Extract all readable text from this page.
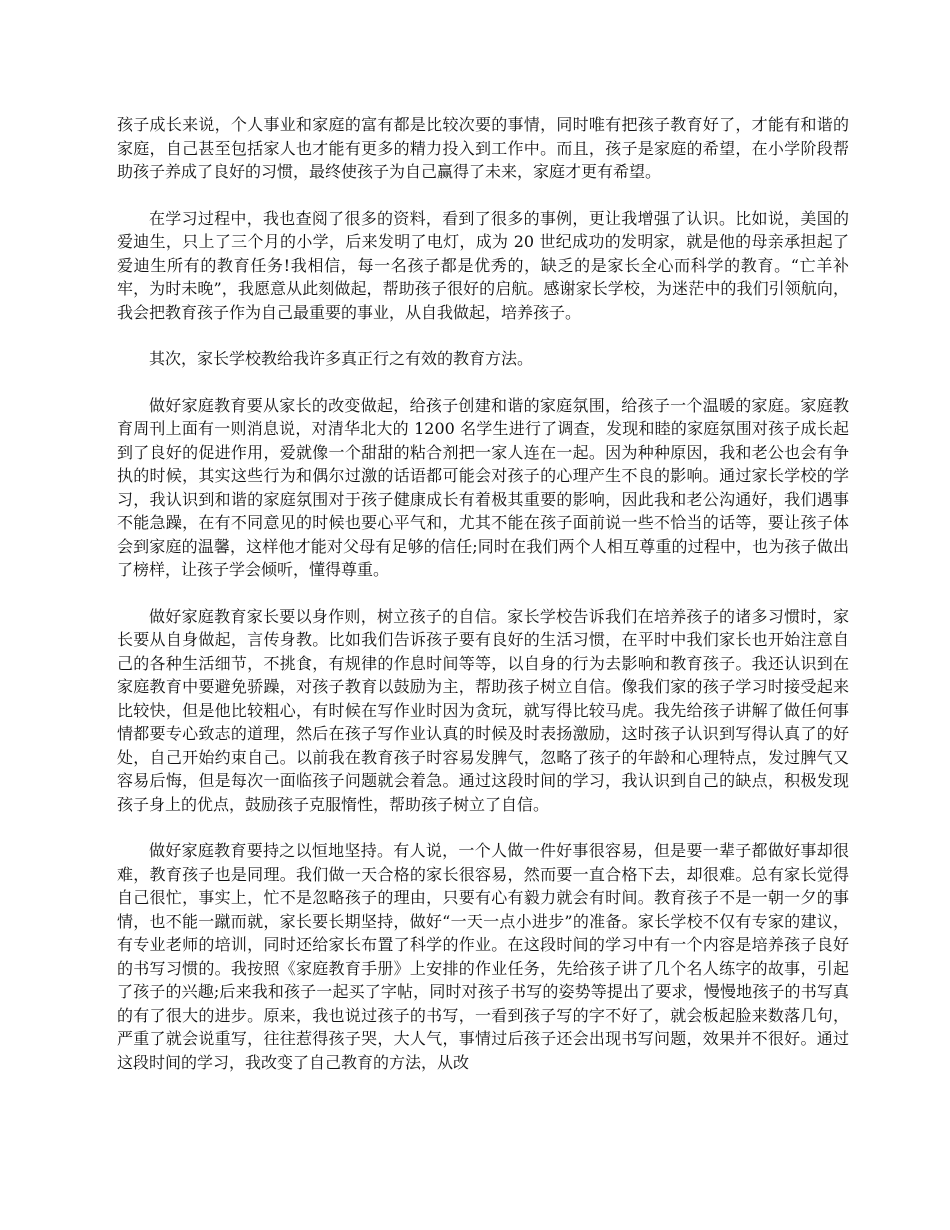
孩子成长来说，个人事业和家庭的富有都是比较次要的事情，同时唯有把孩子教育好了，才能有和谐的家庭，自己甚至包括家人也才能有更多的精力投入到工作中。而且，孩子是家庭的希望，在小学阶段帮助孩子养成了良好的习惯，最终使孩子为自己赢得了未来，家庭才更有希望。

在学习过程中，我也查阅了很多的资料，看到了很多的事例，更让我增强了认识。比如说，美国的爱迪生，只上了三个月的小学，后来发明了电灯，成为 20 世纪成功的发明家，就是他的母亲承担起了爱迪生所有的教育任务!我相信，每一名孩子都是优秀的，缺乏的是家长全心而科学的教育。“亡羊补牢，为时未晚”，我愿意从此刻做起，帮助孩子很好的启航。感谢家长学校，为迷茫中的我们引领航向，我会把教育孩子作为自己最重要的事业，从自我做起，培养孩子。

其次，家长学校教给我许多真正行之有效的教育方法。

做好家庭教育要从家长的改变做起，给孩子创建和谐的家庭氛围，给孩子一个温暖的家庭。家庭教育周刊上面有一则消息说，对清华北大的 1200 名学生进行了调查，发现和睦的家庭氛围对孩子成长起到了良好的促进作用，爱就像一个甜甜的粘合剂把一家人连在一起。因为种种原因，我和老公也会有争执的时候，其实这些行为和偶尔过激的话语都可能会对孩子的心理产生不良的影响。通过家长学校的学习，我认识到和谐的家庭氛围对于孩子健康成长有着极其重要的影响，因此我和老公沟通好，我们遇事不能急躁，在有不同意见的时候也要心平气和，尤其不能在孩子面前说一些不恰当的话等，要让孩子体会到家庭的温馨，这样他才能对父母有足够的信任;同时在我们两个人相互尊重的过程中，也为孩子做出了榜样，让孩子学会倾听，懂得尊重。

做好家庭教育家长要以身作则，树立孩子的自信。家长学校告诉我们在培养孩子的诸多习惯时，家长要从自身做起，言传身教。比如我们告诉孩子要有良好的生活习惯，在平时中我们家长也开始注意自己的各种生活细节，不挑食，有规律的作息时间等等，以自身的行为去影响和教育孩子。我还认识到在家庭教育中要避免骄躁，对孩子教育以鼓励为主，帮助孩子树立自信。像我们家的孩子学习时接受起来比较快，但是他比较粗心，有时候在写作业时因为贪玩，就写得比较马虎。我先给孩子讲解了做任何事情都要专心致志的道理，然后在孩子写作业认真的时候及时表扬激励，这时孩子认识到写得认真了的好处，自己开始约束自己。以前我在教育孩子时容易发脾气，忽略了孩子的年龄和心理特点，发过脾气又容易后悔，但是每次一面临孩子问题就会着急。通过这段时间的学习，我认识到自己的缺点，积极发现孩子身上的优点，鼓励孩子克服惰性，帮助孩子树立了自信。

做好家庭教育要持之以恒地坚持。有人说，一个人做一件好事很容易，但是要一辈子都做好事却很难，教育孩子也是同理。我们做一天合格的家长很容易，然而要一直合格下去，却很难。总有家长觉得自己很忙，事实上，忙不是忽略孩子的理由，只要有心有毅力就会有时间。教育孩子不是一朝一夕的事情，也不能一蹴而就，家长要长期坚持，做好“一天一点小进步”的准备。家长学校不仅有专家的建议，有专业老师的培训，同时还给家长布置了科学的作业。在这段时间的学习中有一个内容是培养孩子良好的书写习惯的。我按照《家庭教育手册》上安排的作业任务，先给孩子讲了几个名人练字的故事，引起了孩子的兴趣;后来我和孩子一起买了字帖，同时对孩子书写的姿势等提出了要求，慢慢地孩子的书写真的有了很大的进步。原来，我也说过孩子的书写，一看到孩子写的字不好了，就会板起脸来数落几句，严重了就会说重写，往往惹得孩子哭，大人气，事情过后孩子还会出现书写问题，效果并不很好。通过这段时间的学习，我改变了自己教育的方法，从改
